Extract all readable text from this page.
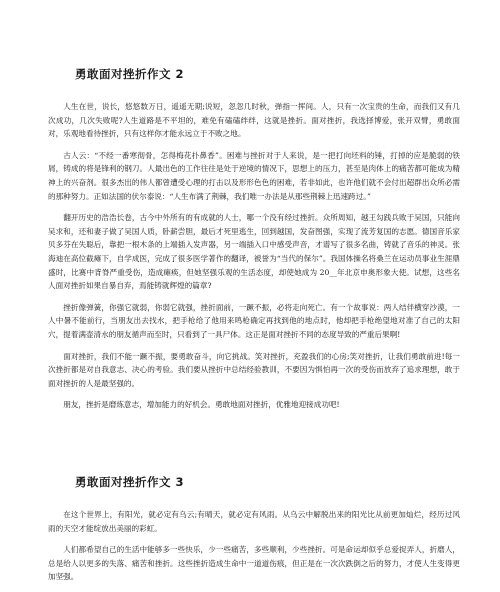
勇敢面对挫折作文 2

人生在世，说长，悠悠数万日，遥遥无期;说短，忽忽几时秋，弹指一挥间。人，只有一次宝贵的生命，而我们又有几次成功，几次失败呢?人生道路是不平坦的，难免有磕磕绊绊，这就是挫折。面对挫折，我选择博爱，张开双臂，勇敢面对，乐观地看待挫折，只有这样你才能永远立于不败之地。

古人云：“不经一番寒彻骨，怎得梅花扑鼻香”。困难与挫折对于人来说，是一把打向坯料的锤，打掉的应是脆弱的铁屑，铸成的将是锋利的钢刀。人最出色的工作往往是处于逆境的情况下，思想上的压力，甚至是肉体上的痛苦都可能成为精神上的兴奋剂。很多杰出的伟人都曾遭受心理的打击以及形形色色的困难，若非如此，也许他们就不会付出超群出众所必需的那种努力。正如法国的伏尔泰说：“人生布满了荆棘，我们唯一办法是从那些荆棘上迅速跨过。”

翻开历史的浩浩长卷，古今中外所有的有成就的人士，哪一个没有经过挫折。众所周知，越王勾践兵败于吴国，只能向吴求和，还和妻子做了吴国人质，卧薪尝胆，最后才死里逃生，回到越国，发奋图强，实现了流芳复国的志愿。德国音乐家贝多芬在失聪后，靠把一根木条的上端插入发声器，另一端插入口中感受声音，才谱写了很多名曲，铸就了音乐的神灵。张海迪在高位截瘫下，自学成医，完成了很多医学著作的翻译，被誉为“当代的保尔”。我国体操名将桑兰在运动员事业生涯鼎盛时，比赛中背脊严重受伤，造成瘫痪，但她坚强乐观的生活态度，却使她成为 20__年北京申奥形象大使。试想，这些名人面对挫折如果自暴自弃，焉能铸就辉煌的篇章?

挫折像弹簧，你强它就弱，你弱它就强，挫折面前，一蹶不振，必将走向死亡。有一个故事说：两人结伴横穿沙漠，一人中暑不能前行，当朋友出去找水，把手枪给了他用来鸣枪确定再找到他的地点时，他却把手枪绝望地对准了自己的太阳穴，提着满壶清水的朋友循声而至时，只看到了一具尸体。这正是面对挫折不同的态度导致的严重后果啊!

面对挫折，我们不能一蹶不振，要勇敢奋斗，向它挑战。笑对挫折，充盈我们的心房;笑对挫折，让我们勇敢前进!每一次挫折都是对自我意志、决心的考验。我们要从挫折中总结经验教训，不要因为惧怕再一次的受伤而放弃了追求理想，敢于面对挫折的人是最坚强的。

朋友，挫折是磨炼意志，增加能力的好机会。勇敢地面对挫折，优雅地迎接成功吧!

勇敢面对挫折作文 3

在这个世界上，有阳光，就必定有乌云;有晴天，就必定有风雨。从乌云中解脱出来的阳光比从前更加灿烂，经历过风雨的天空才能绽放出美丽的彩虹。

人们都希望自己的生活中能够多一些快乐，少一些痛苦，多些顺利，少些挫折。可是命运却似乎总爱捉弄人，折磨人，总是给人以更多的失落、痛苦和挫折。这些挫折造成生命中一道道伤痕，但正是在一次次跌倒之后的努力，才使人生变得更加坚强。
